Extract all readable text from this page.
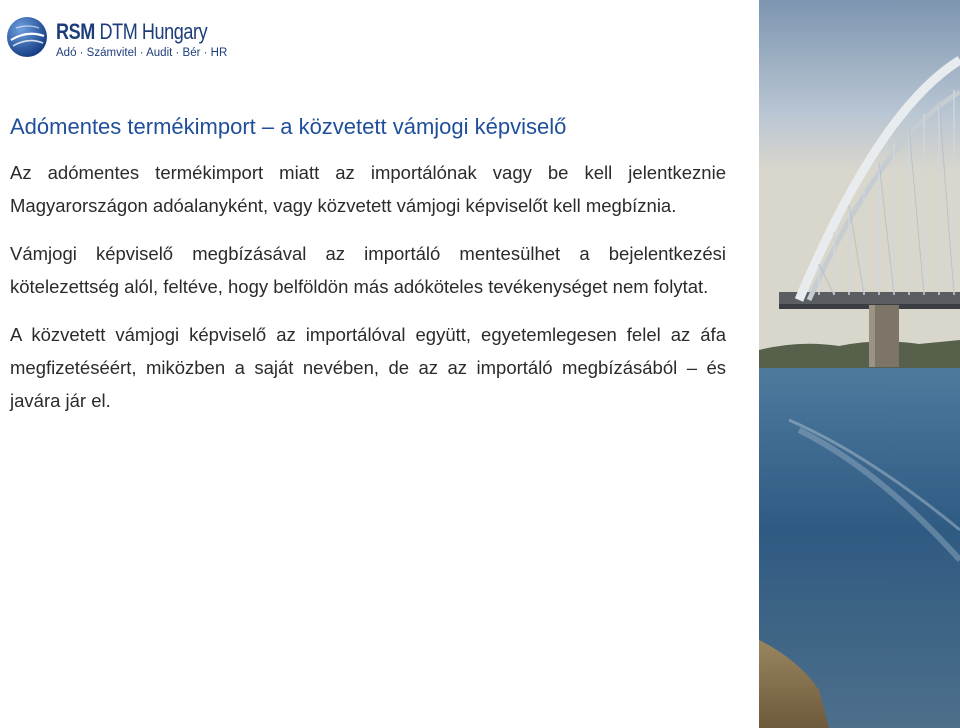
RSM DTM Hungary
Adó · Számvitel · Audit · Bér · HR
Adómentes termékimport – a közvetett vámjogi képviselő

Az adómentes termékimport miatt az importálónak vagy be kell jelentkeznie Magyarországon adóalanyként, vagy közvetett vámjogi képviselőt kell megbíznia.

Vámjogi képviselő megbízásával az importáló mentesülhet a bejelentkezési kötelezettség alól, feltéve, hogy belföldön más adóköteles tevékenységet nem folytat.

A közvetett vámjogi képviselő az importálóval együtt, egyetemlegesen felel az áfa megfizetéséért, miközben a saját nevében, de az az importáló megbízásából – és javára jár el.
